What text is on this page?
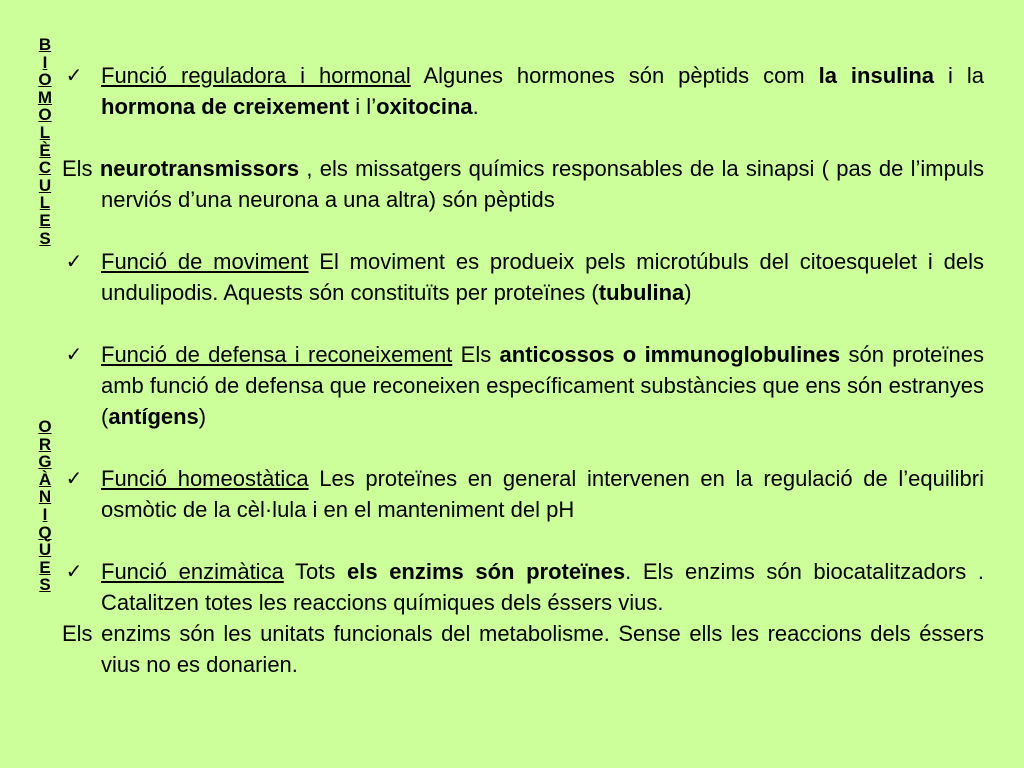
B
I
O
M
O
L
È
C
U
L
E
S
O
R
G
À
N
I
Q
U
E
S
✓ Funció reguladora i hormonal Algunes hormones són pèptids com la insulina i la hormona de creixement i l’oxitocina.
Els neurotransmissors , els missatgers químics responsables de la sinapsi ( pas de l’impuls nerviós d’una neurona a una altra) són pèptids
✓ Funció de moviment El moviment es produeix pels microtúbuls del citoesquelet i dels undulipodis. Aquests són constituïts per proteïnes (tubulina)
✓ Funció de defensa i reconeixement Els anticossos o immunoglobulines són proteïnes amb funció de defensa que reconeixen específicament substàncies que ens són estranyes (antígens)
✓ Funció homeostàtica Les proteïnes en general intervenen en la regulació de l’equilibri osmòtic de la cèl·lula i en el manteniment del pH
✓ Funció enzimàtica Tots els enzims són proteïnes. Els enzims són biocatalitzadors . Catalitzen totes les reaccions químiques dels éssers vius.
Els enzims són les unitats funcionals del metabolisme. Sense ells les reaccions dels éssers vius no es donarien.
